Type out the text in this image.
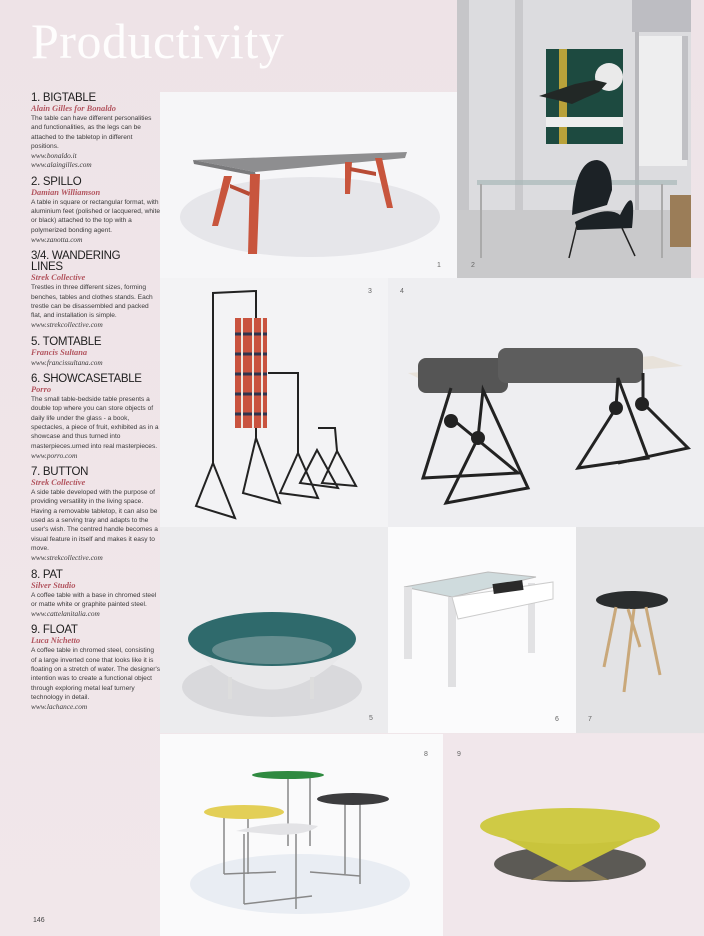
2
Productivity
1
3	4
5	6	7
8	9
1. BIGTABLE
Alain Gilles for Bonaldo
The table can have different personalities and functionalities, as the legs can be attached to the tabletop in different positions.
www.bonaldo.it
www.alaingilles.com
2. SPILLO
Damian Williamson
A table in square or rectangular format, with aluminium feet (polished or lacquered, white or black) attached to the top with a polymerized bonding agent.
www.zanotta.com
3/4. WANDERING LINES
Strek Collective
Trestles in three different sizes, forming benches, tables and clothes stands. Each trestle can be disassembled and packed flat, and installation is simple.
www.strekcollective.com
5. TOMTABLE
Francis Sultana
www.francissultana.com
6. SHOWCASETABLE
Porro
The small table-bedside table presents a double top where you can store objects of daily life under the glass - a book, spectacles, a piece of fruit, exhibited as in a showcase and thus turned into masterpieces.urned into real masterpieces.
www.porro.com
7. BUTTON
Strek Collective
A side table developed with the purpose of providing versatility in the living space. Having a removable tabletop, it can also be used as a serving tray and adapts to the user's wish. The centred handle becomes a visual feature in itself and makes it easy to move.
www.strekcollective.com
8. PAT
Silver Studio
A coffee table with a base in chromed steel or matte white or graphite painted steel.
www.cattelanitalia.com
9. FLOAT
Luca Nichetto
A coffee table in chromed steel, consisting of a large inverted cone that looks like it is floating on a stretch of water. The designer's intention was to create a functional object through exploring metal leaf turnery technology in detail.
www.lachance.com
146
